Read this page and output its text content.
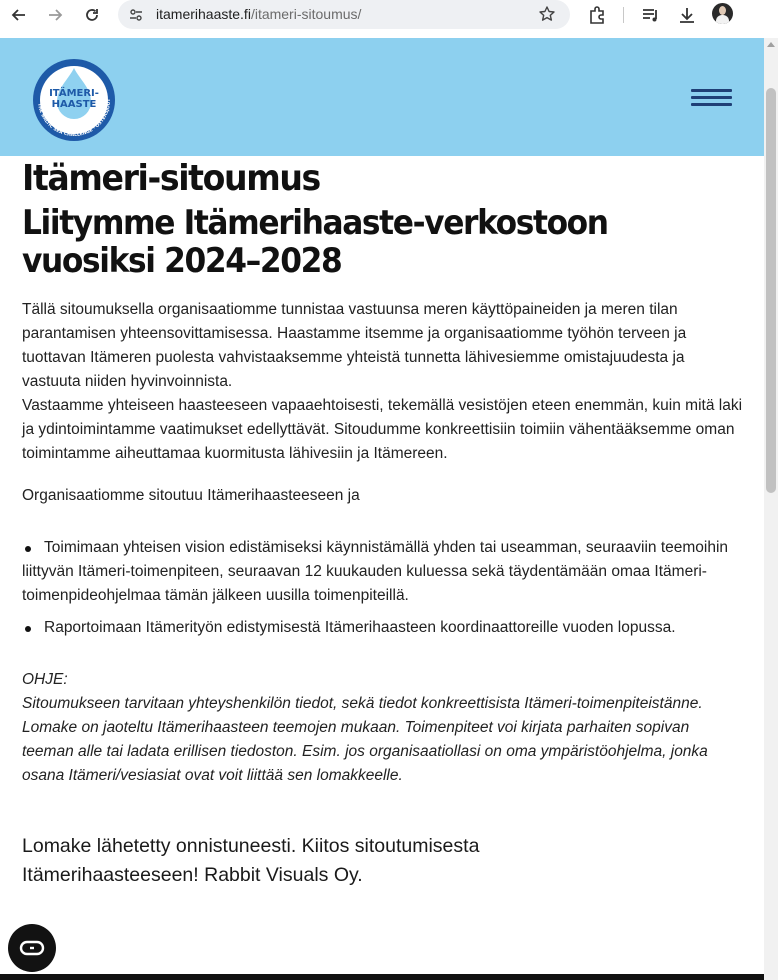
itamerihaaste.fi/itameri-sitoumus/
ITÄMERI-
HAASTE
THE BALTIC SEA CHALLENGE · ÖSTERSJÖUT
Itämeri-sitoumus
Liitymme Itämerihaaste-verkostoon vuosiksi 2024–2028

Tällä sitoumuksella organisaatiomme tunnistaa vastuunsa meren käyttöpaineiden ja meren tilan parantamisen yhteensovittamisessa. Haastamme itsemme ja organisaatiomme työhön terveen ja tuottavan Itämeren puolesta vahvistaaksemme yhteistä tunnetta lähivesiemme omistajuudesta ja vastuuta niiden hyvinvoinnista.

Vastaamme yhteiseen haasteeseen vapaaehtoisesti, tekemällä vesistöjen eteen enemmän, kuin mitä laki ja ydintoimintamme vaatimukset edellyttävät. Sitoudumme konkreettisiin toimiin vähentääksemme oman toimintamme aiheuttamaa kuormitusta lähivesiin ja Itämereen.

Organisaatiomme sitoutuu Itämerihaasteeseen ja

Toimimaan yhteisen vision edistämiseksi käynnistämällä yhden tai useamman, seuraaviin teemoihin liittyvän Itämeri-toimenpiteen, seuraavan 12 kuukauden kuluessa sekä täydentämään omaa Itämeri-toimenpideohjelmaa tämän jälkeen uusilla toimenpiteillä.
Raportoimaan Itämerityön edistymisestä Itämerihaasteen koordinaattoreille vuoden lopussa.
OHJE:
Sitoumukseen tarvitaan yhteyshenkilön tiedot, sekä tiedot konkreettisista Itämeri-toimenpiteistänne. Lomake on jaoteltu Itämerihaasteen teemojen mukaan. Toimenpiteet voi kirjata parhaiten sopivan teeman alle tai ladata erillisen tiedoston. Esim. jos organisaatiollasi on oma ympäristöohjelma, jonka osana Itämeri/vesiasiat ovat voit liittää sen lomakkeelle.
Lomake lähetetty onnistuneesti. Kiitos sitoutumisesta Itämerihaasteeseen! Rabbit Visuals Oy.
